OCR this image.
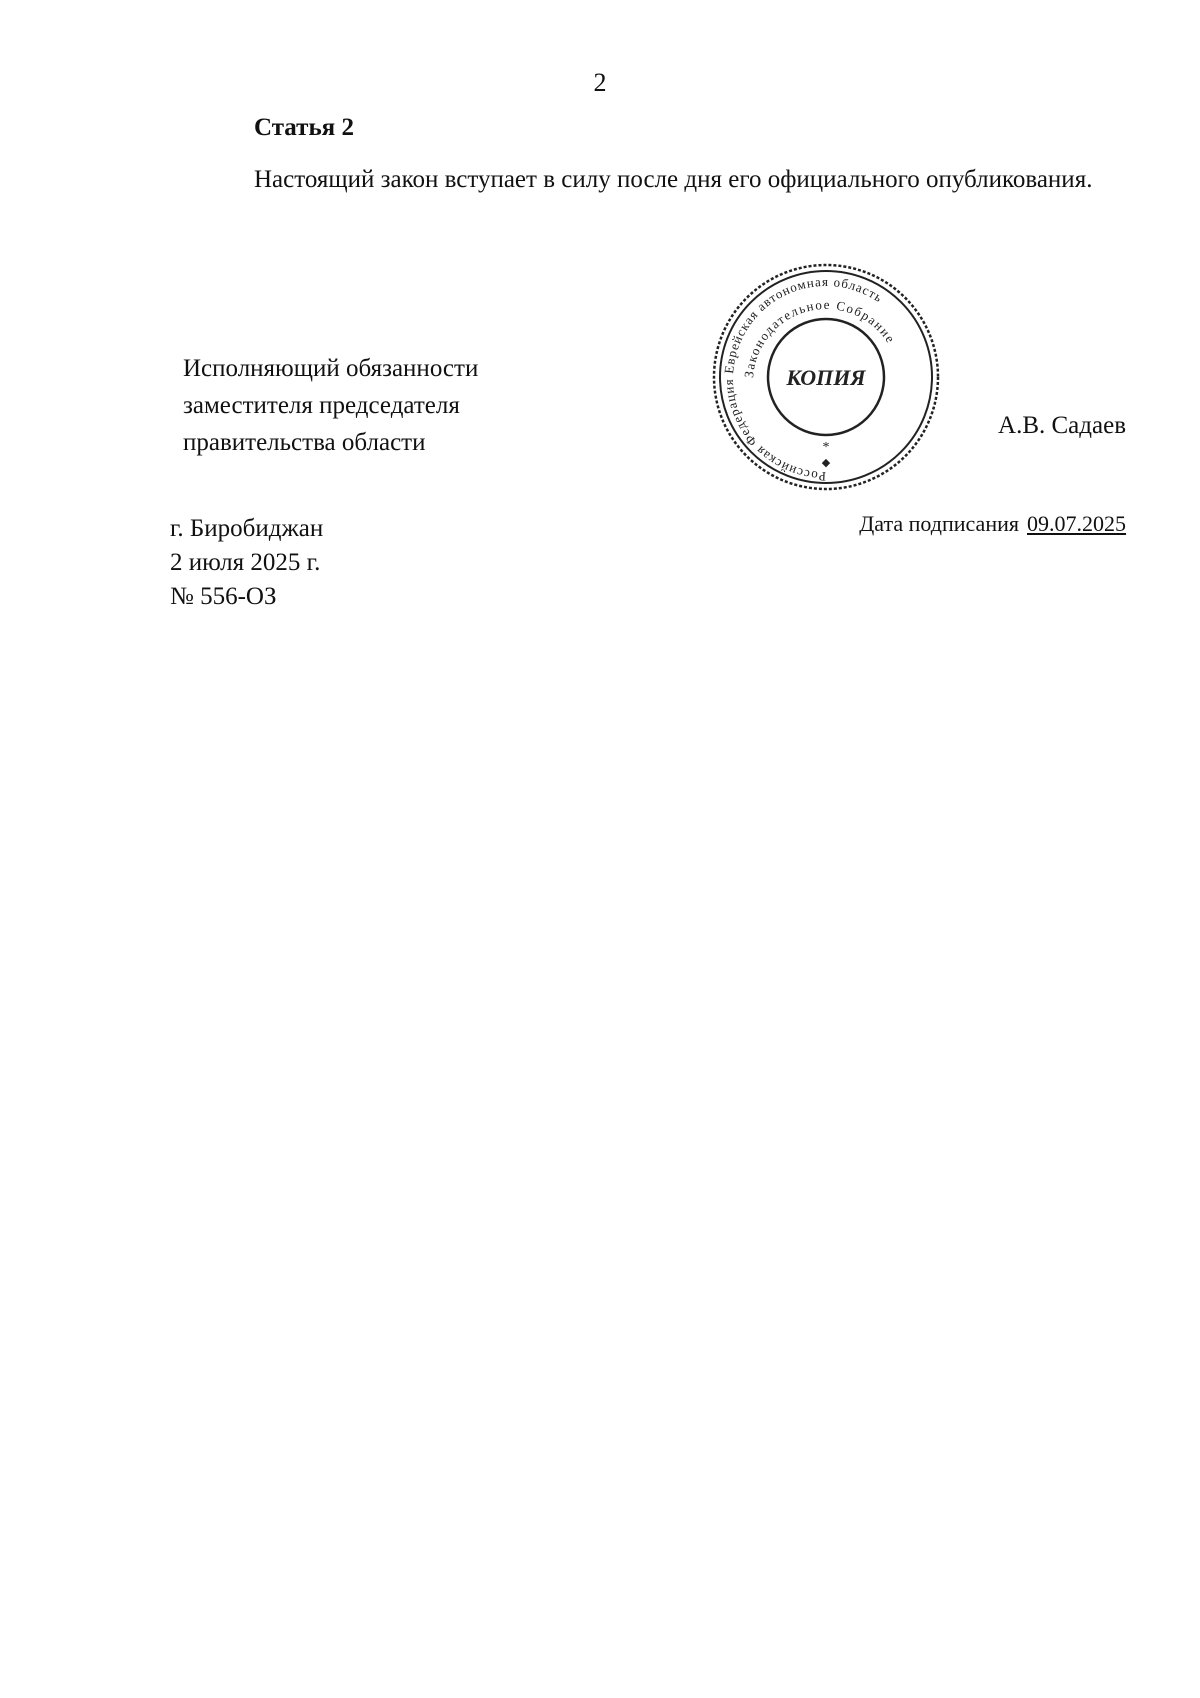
2
Статья 2
Настоящий закон вступает в силу после дня его официального опубликования.
Исполняющий обязанности
заместителя председателя
правительства области
Российская Федерация Еврейская автономная область
Законодательное Собрание
КОПИЯ
*
◆
А.В. Садаев
г. Биробиджан
2 июля 2025 г.
№ 556-ОЗ
Дата подписания 09.07.2025
